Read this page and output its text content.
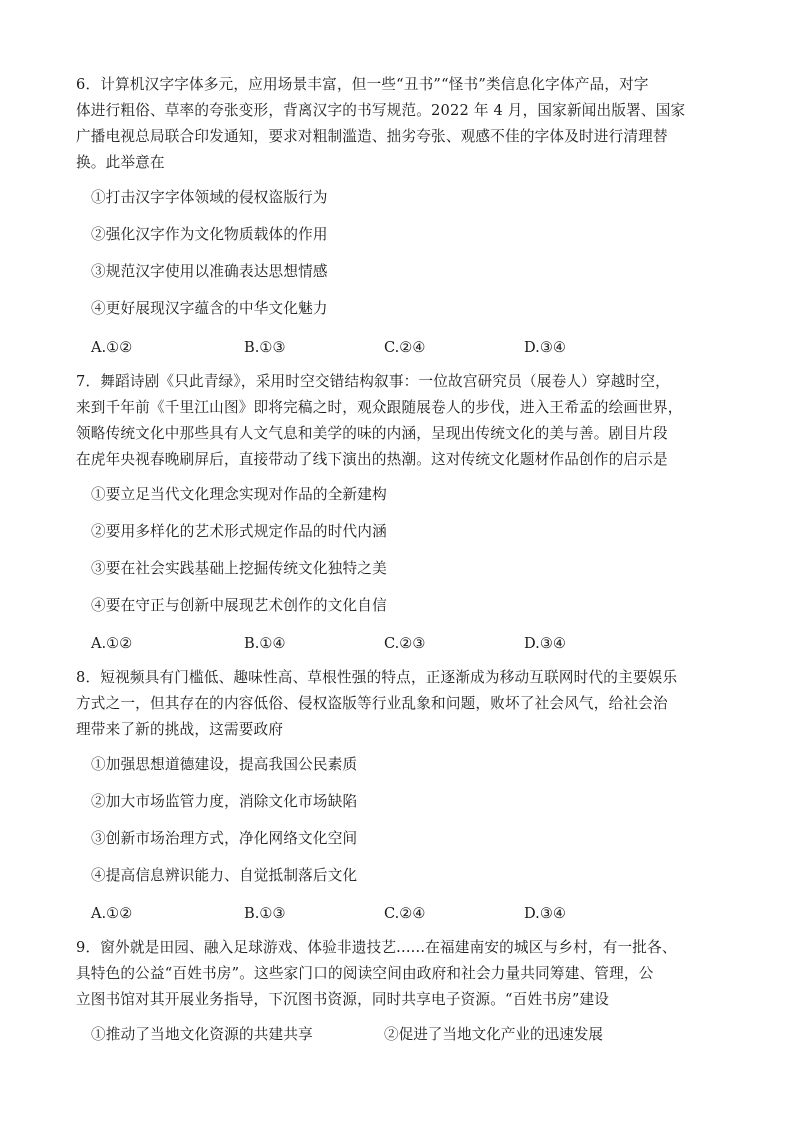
6．计算机汉字字体多元，应用场景丰富，但一些“丑书”“怪书”类信息化字体产品，对字
体进行粗俗、草率的夸张变形，背离汉字的书写规范。2022 年 4 月，国家新闻出版署、国家
广播电视总局联合印发通知，要求对粗制滥造、拙劣夸张、观感不佳的字体及时进行清理替
换。此举意在
①打击汉字字体领域的侵权盗版行为
②强化汉字作为文化物质载体的作用
③规范汉字使用以准确表达思想情感
④更好展现汉字蕴含的中华文化魅力
A.①②	B.①③	C.②④	D.③④
7．舞蹈诗剧《只此青绿》，采用时空交错结构叙事：一位故宫研究员（展卷人）穿越时空，
来到千年前《千里江山图》即将完稿之时，观众跟随展卷人的步伐，进入王希孟的绘画世界，
领略传统文化中那些具有人文气息和美学的味的内涵，呈现出传统文化的美与善。剧目片段
在虎年央视春晚刷屏后，直接带动了线下演出的热潮。这对传统文化题材作品创作的启示是
①要立足当代文化理念实现对作品的全新建构
②要用多样化的艺术形式规定作品的时代内涵
③要在社会实践基础上挖掘传统文化独特之美
④要在守正与创新中展现艺术创作的文化自信
A.①②	B.①④	C.②③	D.③④
8．短视频具有门槛低、趣味性高、草根性强的特点，正逐渐成为移动互联网时代的主要娱乐
方式之一，但其存在的内容低俗、侵权盗版等行业乱象和问题，败坏了社会风气，给社会治
理带来了新的挑战，这需要政府
①加强思想道德建设，提高我国公民素质
②加大市场监管力度，消除文化市场缺陷
③创新市场治理方式，净化网络文化空间
④提高信息辨识能力、自觉抵制落后文化
A.①②	B.①③	C.②④	D.③④
9．窗外就是田园、融入足球游戏、体验非遗技艺......在福建南安的城区与乡村，有一批各、
具特色的公益“百姓书房”。这些家门口的阅读空间由政府和社会力量共同筹建、管理，公
立图书馆对其开展业务指导，下沉图书资源，同时共享电子资源。“百姓书房”建设
①推动了当地文化资源的共建共享	②促进了当地文化产业的迅速发展
